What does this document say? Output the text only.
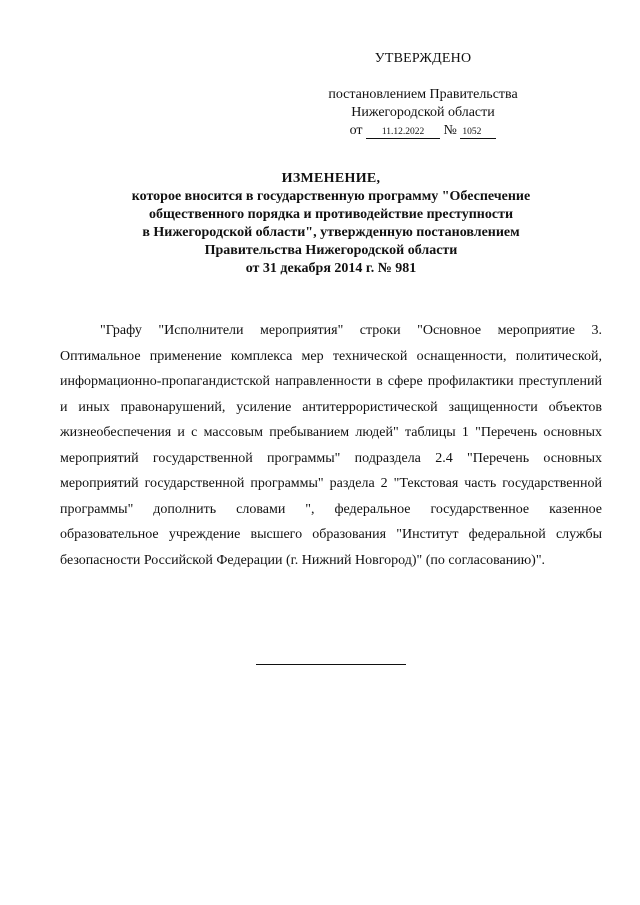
УТВЕРЖДЕНО
постановлением Правительства
Нижегородской области
от 11.12.2022 № 1052
ИЗМЕНЕНИЕ,
которое вносится в государственную программу "Обеспечение
общественного порядка и противодействие преступности
в Нижегородской области", утвержденную постановлением
Правительства Нижегородской области
от 31 декабря 2014 г. № 981

"Графу "Исполнители мероприятия" строки "Основное мероприятие 3. Оптимальное применение комплекса мер технической оснащенности, политической, информационно-пропагандистской направленности в сфере профилактики преступлений и иных правонарушений, усиление антитеррористической защищенности объектов жизнеобеспечения и с массовым пребыванием людей" таблицы 1 "Перечень основных мероприятий государственной программы" подраздела 2.4 "Перечень основных мероприятий государственной программы" раздела 2 "Текстовая часть государственной программы" дополнить словами ", федеральное государственное казенное образовательное учреждение высшего образования "Институт федеральной службы безопасности Российской Федерации (г. Нижний Новгород)" (по согласованию)".
